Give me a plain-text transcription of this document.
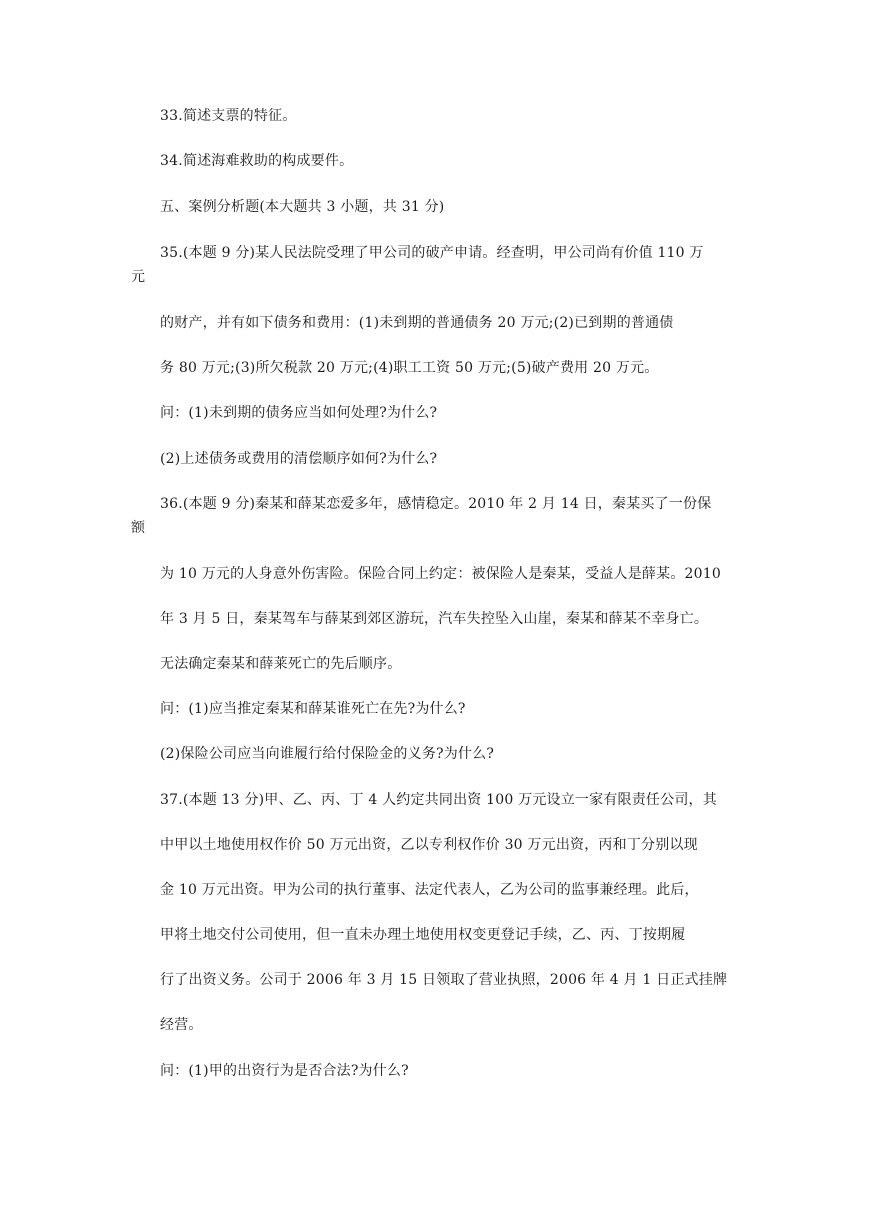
33.简述支票的特征。
34.简述海难救助的构成要件。
五、案例分析题(本大题共 3 小题，共 31 分)
35.(本题 9 分)某人民法院受理了甲公司的破产申请。经查明，甲公司尚有价值 110 万
元
的财产，并有如下债务和费用：(1)未到期的普通债务 20 万元;(2)已到期的普通债
务 80 万元;(3)所欠税款 20 万元;(4)职工工资 50 万元;(5)破产费用 20 万元。
问：(1)未到期的债务应当如何处理?为什么?
(2)上述债务或费用的清偿顺序如何?为什么?
36.(本题 9 分)秦某和薛某恋爱多年，感情稳定。2010 年 2 月 14 日，秦某买了一份保
额
为 10 万元的人身意外伤害险。保险合同上约定：被保险人是秦某，受益人是薛某。2010
年 3 月 5 日，秦某驾车与薛某到郊区游玩，汽车失控坠入山崖，秦某和薛某不幸身亡。
无法确定秦某和薛莱死亡的先后顺序。
问：(1)应当推定秦某和薛某谁死亡在先?为什么?
(2)保险公司应当向谁履行给付保险金的义务?为什么?
37.(本题 13 分)甲、乙、丙、丁 4 人约定共同出资 100 万元设立一家有限责任公司，其
中甲以土地使用权作价 50 万元出资，乙以专利权作价 30 万元出资，丙和丁分别以现
金 10 万元出资。甲为公司的执行董事、法定代表人，乙为公司的监事兼经理。此后，
甲将土地交付公司使用，但一直未办理土地使用权变更登记手续，乙、丙、丁按期履
行了出资义务。公司于 2006 年 3 月 15 日领取了营业执照，2006 年 4 月 1 日正式挂牌
经营。
问：(1)甲的出资行为是否合法?为什么?
